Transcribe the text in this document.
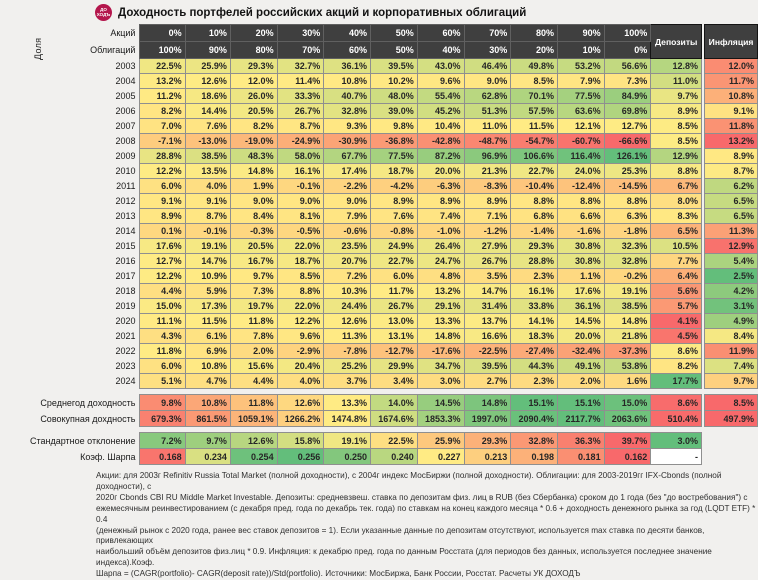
ДО
ХОДЪ Доходность портфелей российских акций и корпоративных облигаций
Доля
Акций	0%	10%	20%	30%	40%	50%	60%	70%	80%	90%	100%	Депозиты		Инфляция
Облигаций	100%	90%	80%	70%	60%	50%	40%	30%	20%	10%	0%			
2003	22.5%	25.9%	29.3%	32.7%	36.1%	39.5%	43.0%	46.4%	49.8%	53.2%	56.6%	12.8%		12.0%
2004	13.2%	12.6%	12.0%	11.4%	10.8%	10.2%	9.6%	9.0%	8.5%	7.9%	7.3%	11.0%		11.7%
2005	11.2%	18.6%	26.0%	33.3%	40.7%	48.0%	55.4%	62.8%	70.1%	77.5%	84.9%	9.7%		10.8%
2006	8.2%	14.4%	20.5%	26.7%	32.8%	39.0%	45.2%	51.3%	57.5%	63.6%	69.8%	8.9%		9.1%
2007	7.0%	7.6%	8.2%	8.7%	9.3%	9.8%	10.4%	11.0%	11.5%	12.1%	12.7%	8.5%		11.8%
2008	-7.1%	-13.0%	-19.0%	-24.9%	-30.9%	-36.8%	-42.8%	-48.7%	-54.7%	-60.7%	-66.6%	8.5%		13.2%
2009	28.8%	38.5%	48.3%	58.0%	67.7%	77.5%	87.2%	96.9%	106.6%	116.4%	126.1%	12.9%		8.9%
2010	12.2%	13.5%	14.8%	16.1%	17.4%	18.7%	20.0%	21.3%	22.7%	24.0%	25.3%	8.8%		8.7%
2011	6.0%	4.0%	1.9%	-0.1%	-2.2%	-4.2%	-6.3%	-8.3%	-10.4%	-12.4%	-14.5%	6.7%		6.2%
2012	9.1%	9.1%	9.0%	9.0%	9.0%	8.9%	8.9%	8.9%	8.8%	8.8%	8.8%	8.0%		6.5%
2013	8.9%	8.7%	8.4%	8.1%	7.9%	7.6%	7.4%	7.1%	6.8%	6.6%	6.3%	8.3%		6.5%
2014	0.1%	-0.1%	-0.3%	-0.5%	-0.6%	-0.8%	-1.0%	-1.2%	-1.4%	-1.6%	-1.8%	6.5%		11.3%
2015	17.6%	19.1%	20.5%	22.0%	23.5%	24.9%	26.4%	27.9%	29.3%	30.8%	32.3%	10.5%		12.9%
2016	12.7%	14.7%	16.7%	18.7%	20.7%	22.7%	24.7%	26.7%	28.8%	30.8%	32.8%	7.7%		5.4%
2017	12.2%	10.9%	9.7%	8.5%	7.2%	6.0%	4.8%	3.5%	2.3%	1.1%	-0.2%	6.4%		2.5%
2018	4.4%	5.9%	7.3%	8.8%	10.3%	11.7%	13.2%	14.7%	16.1%	17.6%	19.1%	5.6%		4.2%
2019	15.0%	17.3%	19.7%	22.0%	24.4%	26.7%	29.1%	31.4%	33.8%	36.1%	38.5%	5.7%		3.1%
2020	11.1%	11.5%	11.8%	12.2%	12.6%	13.0%	13.3%	13.7%	14.1%	14.5%	14.8%	4.1%		4.9%
2021	4.3%	6.1%	7.8%	9.6%	11.3%	13.1%	14.8%	16.6%	18.3%	20.0%	21.8%	4.5%		8.4%
2022	11.8%	6.9%	2.0%	-2.9%	-7.8%	-12.7%	-17.6%	-22.5%	-27.4%	-32.4%	-37.3%	8.6%		11.9%
2023	6.0%	10.8%	15.6%	20.4%	25.2%	29.9%	34.7%	39.5%	44.3%	49.1%	53.8%	8.2%		7.4%
2024	5.1%	4.7%	4.4%	4.0%	3.7%	3.4%	3.0%	2.7%	2.3%	2.0%	1.6%	17.7%		9.7%

Среднегод доходность	9.8%	10.8%	11.8%	12.6%	13.3%	14.0%	14.5%	14.8%	15.1%	15.1%	15.0%	8.6%		8.5%
Совокупная дохдность	679.3%	861.5%	1059.1%	1266.2%	1474.8%	1674.6%	1853.3%	1997.0%	2090.4%	2117.7%	2063.6%	510.4%		497.9%

Стандартное отклонение	7.2%	9.7%	12.6%	15.8%	19.1%	22.5%	25.9%	29.3%	32.8%	36.3%	39.7%	3.0%		
Коэф. Шарпа	0.168	0.234	0.254	0.256	0.250	0.240	0.227	0.213	0.198	0.181	0.162	-		
Акции: для 2003г Refinitiv Russia Total Market (полной доходности), с 2004г индекс МосБиржи (полной доходности). Облигации: для 2003-2019гг IFX-Cbonds (полной доходности), с
2020г Cbonds CBI RU Middle Market Investable. Депозиты: средневзвеш. ставка по депозитам физ. лиц в RUB (без Сбербанка) сроком до 1 года (без "до востребования") с
ежемесячным реинвестированием (с декабря пред. года по декабрь тек. года) по ставкам на конец каждого месяца * 0.6 + доходность денежного рынка за год (LQDT ETF) * 0.4
(денежный рынок с 2020 года, ранее вес ставок депозитов = 1). Если указанные данные по депозитам отсутствуют, используется max ставка по десяти банков, привлекающих
наибольший объём депозитов физ.лиц * 0.9. Инфляция: к декабрю пред. года по данным Росстата (для периодов без данных, используется последнее значение индекса).Коэф.
Шарпа = (CAGR(portfolio)- CAGR(deposit rate))/Std(portfolio). Источники: МосБиржа, Банк России, Росстат. Расчеты УК ДОХОДЪ
